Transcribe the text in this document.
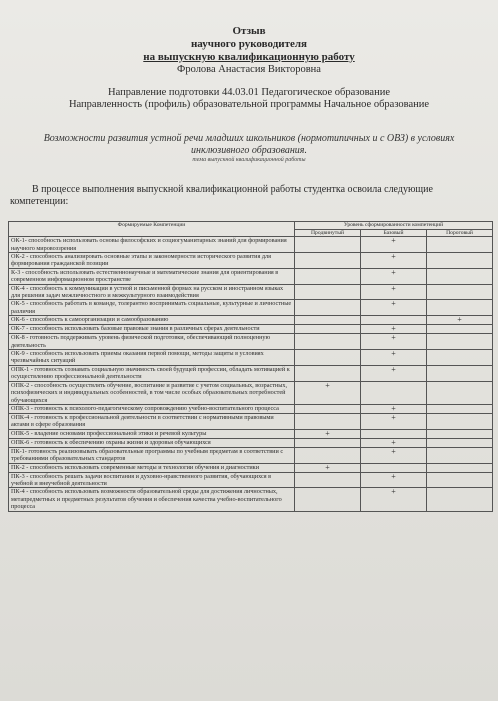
Отзыв
научного руководителя
на выпускную квалификационную работу
Фролова Анастасия Викторовна
Направление подготовки 44.03.01 Педагогическое образование
Направленность (профиль) образовательной программы Начальное образование
Возможности развития устной речи младших школьников (нормотипичных и с ОВЗ) в условиях инклюзивного образования.
тема выпускной квалификационной работы
В процессе выполнения выпускной квалификационной работы студентка освоила следующие компетенции:
Формируемые Компетенции	Уровень сформированности компетенций		
	Продвинутый	Базовый	Пороговый
ОК-1- способность использовать основы философских и социогуманитарных знаний для формирования научного мировоззрения		+	
ОК-2 - способность анализировать основные этапы и закономерности исторического развития для формирования гражданской позиции		+	
К-3 - способность использовать естественнонаучные и математические знания для ориентирования в современном информационном пространстве		+	
ОК-4 - способность к коммуникации в устной и письменной формах на русском и иностранном языках для решения задач межличностного и межкультурного взаимодействия		+	
ОК-5 - способность работать в команде, толерантно воспринимать социальные, культурные и личностные различия		+	
ОК-6 - способность к самоорганизации и самообразованию			+
ОК-7 - способность использовать базовые правовые знания в различных сферах деятельности		+	
ОК-8 - готовность поддерживать уровень физической подготовки, обеспечивающий полноценную деятельность		+	
ОК-9 - способность использовать приемы оказания первой помощи, методы защиты в условиях чрезвычайных ситуаций		+	
ОПК-1 - готовность сознавать социальную значимость своей будущей профессии, обладать мотивацией к осуществлению профессиональной деятельности		+	
ОПК-2 - способность осуществлять обучение, воспитание и развитие с учетом социальных, возрастных, психофизических и индивидуальных особенностей, в том числе особых образовательных потребностей обучающихся	+		
ОПК-3 - готовность к психолого-педагогическому сопровождению учебно-воспитательного процесса		+	
ОПК-4 - готовность к профессиональной деятельности в соответствии с нормативными правовыми актами в сфере образования		+	
ОПК-5 - владение основами профессиональной этики и речевой культуры	+		
ОПК-6 - готовность к обеспечению охраны жизни и здоровья обучающихся		+	
ПК-1- готовность реализовывать образовательные программы по учебным предметам в соответствии с требованиями образовательных стандартов		+	
ПК-2 - способность использовать современные методы и технологии обучения и диагностики	+		
ПК-3 - способность решать задачи воспитания и духовно-нравственного развития, обучающихся в учебной и внеучебной деятельности		+	
ПК-4 - способность использовать возможности образовательной среды для достижения личностных, метапредметных и предметных результатов обучения и обеспечения качества учебно-воспитательного процесса		+	
